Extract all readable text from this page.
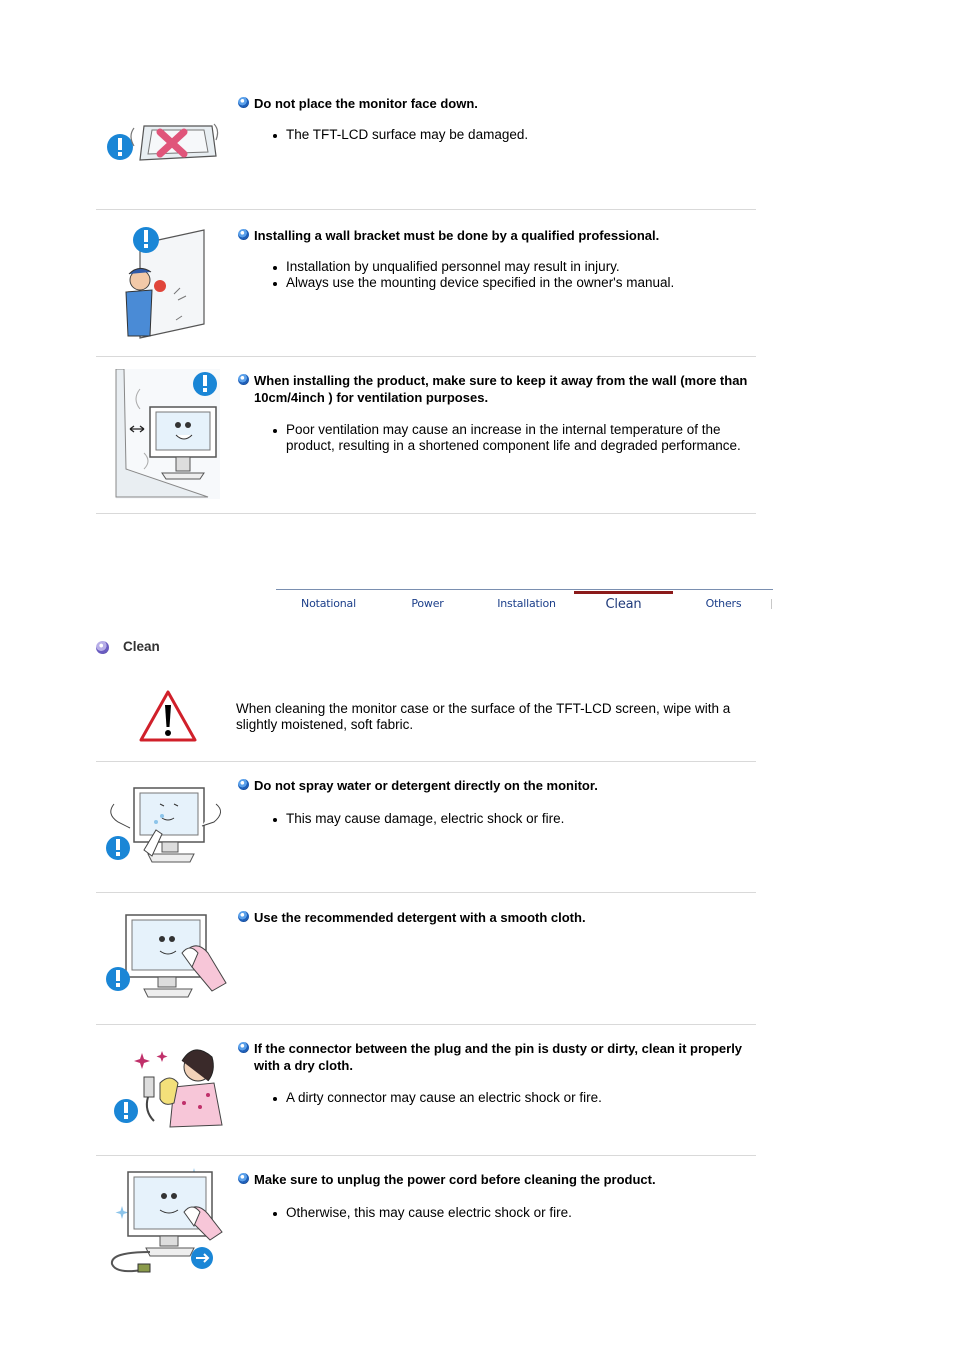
Do not place the monitor face down.
The TFT-LCD surface may be damaged.
Installing a wall bracket must be done by a qualified professional.
Installation by unqualified personnel may result in injury.
Always use the mounting device specified in the owner's manual.
When installing the product, make sure to keep it away from the wall (more than 10cm/4inch ) for ventilation purposes.
Poor ventilation may cause an increase in the internal temperature of the product, resulting in a shortened component life and degraded performance.
Notational	Power	Installation	Clean	Others
Clean
When cleaning the monitor case or the surface of the TFT-LCD screen, wipe with a slightly moistened, soft fabric.
Do not spray water or detergent directly on the monitor.
This may cause damage, electric shock or fire.
Use the recommended detergent with a smooth cloth.
If the connector between the plug and the pin is dusty or dirty, clean it properly with a dry cloth.
A dirty connector may cause an electric shock or fire.
Make sure to unplug the power cord before cleaning the product.
Otherwise, this may cause electric shock or fire.
